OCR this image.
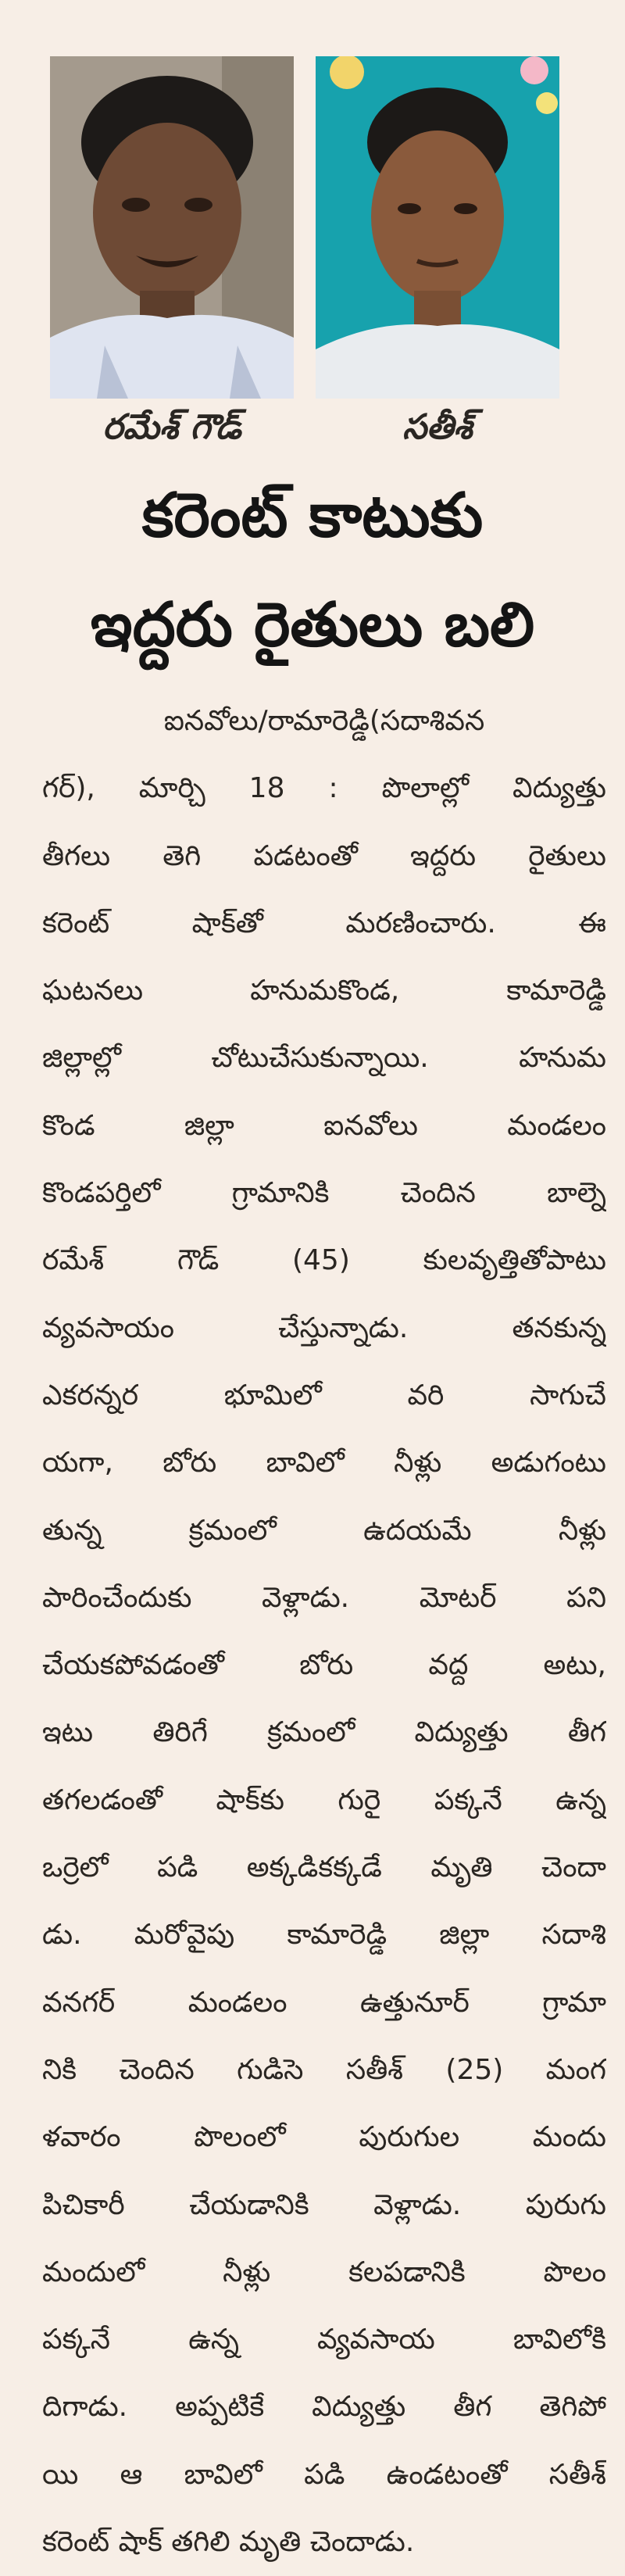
రమేశ్ గౌడ్	సతీశ్
కరెంట్ కాటుకు
ఇద్దరు రైతులు బలి
ఐనవోలు/రామారెడ్డి(సదాశివన
గర్), మార్చి 18 : పొలాల్లో విద్యుత్తు
తీగలు తెగి పడటంతో ఇద్దరు రైతులు
కరెంట్ షాక్‌తో మరణించారు. ఈ
ఘటనలు హనుమకొండ, కామారెడ్డి
జిల్లాల్లో చోటుచేసుకున్నాయి. హనుమ
కొండ జిల్లా ఐనవోలు మండలం
కొండపర్తిలో గ్రామానికి చెందిన బాల్నె
రమేశ్ గౌడ్ (45) కులవృత్తితోపాటు
వ్యవసాయం చేస్తున్నాడు. తనకున్న
ఎకరన్నర భూమిలో వరి సాగుచే
యగా, బోరు బావిలో నీళ్లు అడుగంటు
తున్న క్రమంలో ఉదయమే నీళ్లు
పారించేందుకు వెళ్లాడు. మోటర్ పని
చేయకపోవడంతో బోరు వద్ద అటు,
ఇటు తిరిగే క్రమంలో విద్యుత్తు తీగ
తగలడంతో షాక్‌కు గురై పక్కనే ఉన్న
ఒర్రెలో పడి అక్కడికక్కడే మృతి చెందా
డు. మరోవైపు కామారెడ్డి జిల్లా సదాశి
వనగర్ మండలం ఉత్తునూర్ గ్రామా
నికి చెందిన గుడిసె సతీశ్ (25) మంగ
ళవారం పొలంలో పురుగుల మందు
పిచికారీ చేయడానికి వెళ్లాడు. పురుగు
మందులో నీళ్లు కలపడానికి పొలం
పక్కనే ఉన్న వ్యవసాయ బావిలోకి
దిగాడు. అప్పటికే విద్యుత్తు తీగ తెగిపో
యి ఆ బావిలో పడి ఉండటంతో సతీశ్
కరెంట్ షాక్ తగిలి మృతి చెందాడు.
